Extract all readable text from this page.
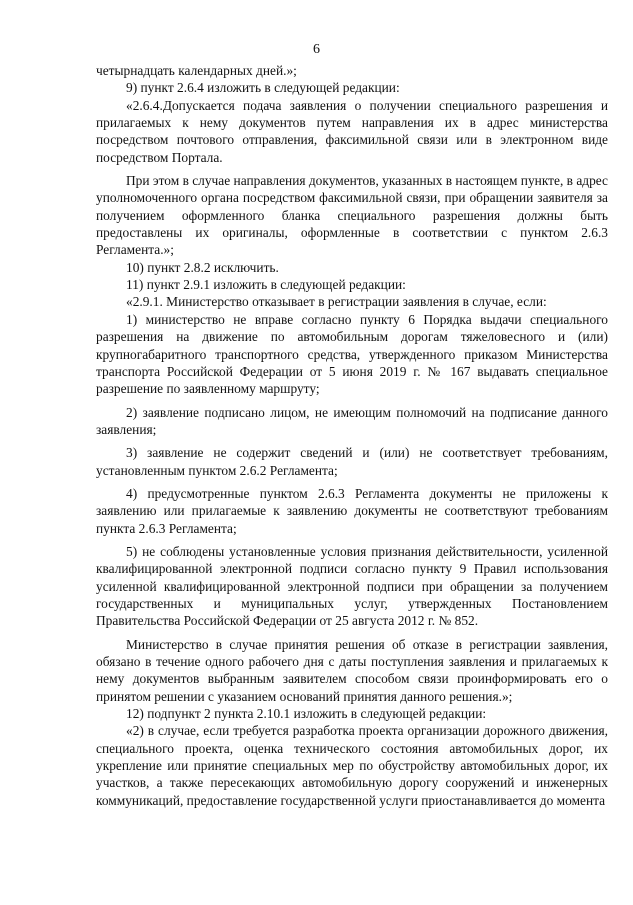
6

четырнадцать календарных дней.»;

9) пункт 2.6.4 изложить в следующей редакции:

«2.6.4.Допускается подача заявления о получении специального разрешения и прилагаемых к нему документов путем направления их в адрес министерства посредством почтового отправления, факсимильной связи или в электронном виде посредством Портала.

При этом в случае направления документов, указанных в настоящем пункте, в адрес уполномоченного органа посредством факсимильной связи, при обращении заявителя за получением оформленного бланка специального разрешения должны быть предоставлены их оригиналы, оформленные в соответствии с пунктом 2.6.3 Регламента.»;

10) пункт 2.8.2 исключить.

11) пункт 2.9.1 изложить в следующей редакции:

«2.9.1. Министерство отказывает в регистрации заявления в случае, если:

1) министерство не вправе согласно пункту 6 Порядка выдачи специального разрешения на движение по автомобильным дорогам тяжеловесного и (или) крупногабаритного транспортного средства, утвержденного приказом Министерства транспорта Российской Федерации от 5 июня 2019 г. № 167 выдавать специальное разрешение по заявленному маршруту;

2) заявление подписано лицом, не имеющим полномочий на подписание данного заявления;

3) заявление не содержит сведений и (или) не соответствует требованиям, установленным пунктом 2.6.2 Регламента;

4) предусмотренные пунктом 2.6.3 Регламента документы не приложены к заявлению или прилагаемые к заявлению документы не соответствуют требованиям пункта 2.6.3 Регламента;

5) не соблюдены установленные условия признания действительности, усиленной квалифицированной электронной подписи согласно пункту 9 Правил использования усиленной квалифицированной электронной подписи при обращении за получением государственных и муниципальных услуг, утвержденных Постановлением Правительства Российской Федерации от 25 августа 2012 г. № 852.

Министерство в случае принятия решения об отказе в регистрации заявления, обязано в течение одного рабочего дня с даты поступления заявления и прилагаемых к нему документов выбранным заявителем способом связи проинформировать его о принятом решении с указанием оснований принятия данного решения.»;

12) подпункт 2 пункта 2.10.1 изложить в следующей редакции:

«2) в случае, если требуется разработка проекта организации дорожного движения, специального проекта, оценка технического состояния автомобильных дорог, их укрепление или принятие специальных мер по обустройству автомобильных дорог, их участков, а также пересекающих автомобильную дорогу сооружений и инженерных коммуникаций, предоставление государственной услуги приостанавливается до момента
